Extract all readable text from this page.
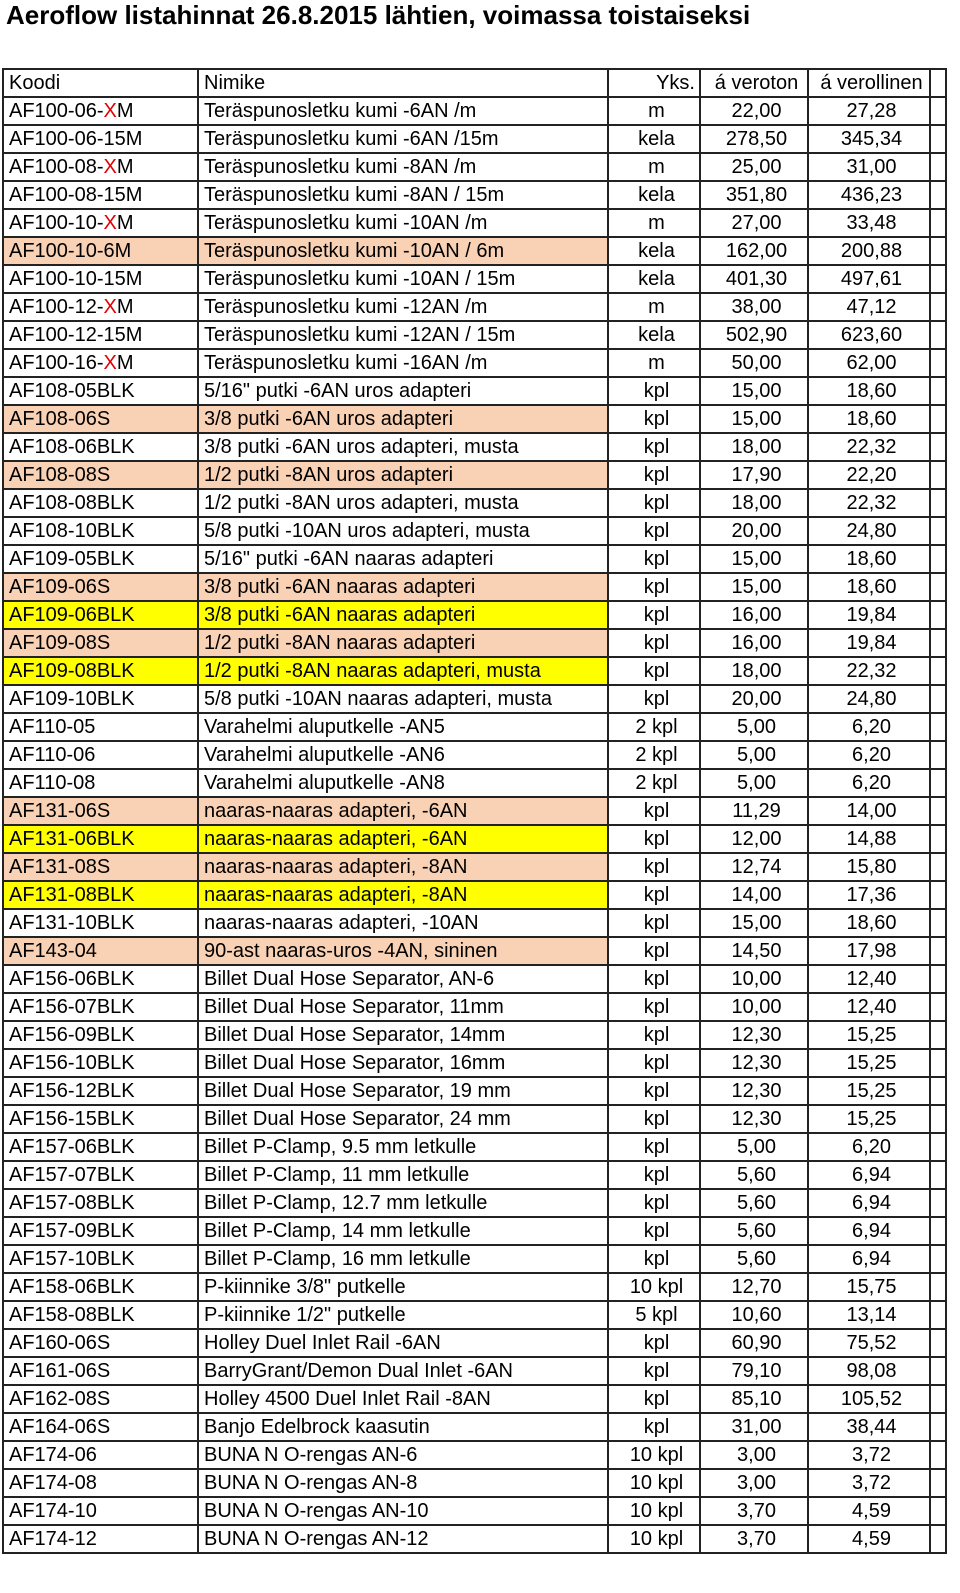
Aeroflow listahinnat 26.8.2015 lähtien, voimassa toistaiseksi
Koodi	Nimike	Yks.	á veroton	á verollinen	
AF100-06-XM	Teräspunosletku kumi -6AN /m	m	22,00	27,28	
AF100-06-15M	Teräspunosletku kumi -6AN /15m	kela	278,50	345,34	
AF100-08-XM	Teräspunosletku kumi -8AN /m	m	25,00	31,00	
AF100-08-15M	Teräspunosletku kumi -8AN / 15m	kela	351,80	436,23	
AF100-10-XM	Teräspunosletku kumi -10AN /m	m	27,00	33,48	
AF100-10-6M	Teräspunosletku kumi -10AN / 6m	kela	162,00	200,88	
AF100-10-15M	Teräspunosletku kumi -10AN / 15m	kela	401,30	497,61	
AF100-12-XM	Teräspunosletku kumi -12AN /m	m	38,00	47,12	
AF100-12-15M	Teräspunosletku kumi -12AN / 15m	kela	502,90	623,60	
AF100-16-XM	Teräspunosletku kumi -16AN /m	m	50,00	62,00	
AF108-05BLK	5/16" putki -6AN uros adapteri	kpl	15,00	18,60	
AF108-06S	3/8 putki -6AN uros adapteri	kpl	15,00	18,60	
AF108-06BLK	3/8 putki -6AN uros adapteri, musta	kpl	18,00	22,32	
AF108-08S	1/2 putki -8AN uros adapteri	kpl	17,90	22,20	
AF108-08BLK	1/2 putki -8AN uros adapteri, musta	kpl	18,00	22,32	
AF108-10BLK	5/8 putki -10AN uros adapteri, musta	kpl	20,00	24,80	
AF109-05BLK	5/16" putki -6AN naaras adapteri	kpl	15,00	18,60	
AF109-06S	3/8 putki -6AN naaras adapteri	kpl	15,00	18,60	
AF109-06BLK	3/8 putki -6AN naaras adapteri	kpl	16,00	19,84	
AF109-08S	1/2 putki -8AN naaras adapteri	kpl	16,00	19,84	
AF109-08BLK	1/2 putki -8AN naaras adapteri, musta	kpl	18,00	22,32	
AF109-10BLK	5/8 putki -10AN naaras adapteri, musta	kpl	20,00	24,80	
AF110-05	Varahelmi aluputkelle -AN5	2 kpl	5,00	6,20	
AF110-06	Varahelmi aluputkelle -AN6	2 kpl	5,00	6,20	
AF110-08	Varahelmi aluputkelle -AN8	2 kpl	5,00	6,20	
AF131-06S	naaras-naaras adapteri, -6AN	kpl	11,29	14,00	
AF131-06BLK	naaras-naaras adapteri, -6AN	kpl	12,00	14,88	
AF131-08S	naaras-naaras adapteri, -8AN	kpl	12,74	15,80	
AF131-08BLK	naaras-naaras adapteri, -8AN	kpl	14,00	17,36	
AF131-10BLK	naaras-naaras adapteri, -10AN	kpl	15,00	18,60	
AF143-04	90-ast naaras-uros -4AN, sininen	kpl	14,50	17,98	
AF156-06BLK	Billet Dual Hose Separator, AN-6	kpl	10,00	12,40	
AF156-07BLK	Billet Dual Hose Separator, 11mm	kpl	10,00	12,40	
AF156-09BLK	Billet Dual Hose Separator, 14mm	kpl	12,30	15,25	
AF156-10BLK	Billet Dual Hose Separator, 16mm	kpl	12,30	15,25	
AF156-12BLK	Billet Dual Hose Separator, 19 mm	kpl	12,30	15,25	
AF156-15BLK	Billet Dual Hose Separator, 24 mm	kpl	12,30	15,25	
AF157-06BLK	Billet P-Clamp, 9.5 mm letkulle	kpl	5,00	6,20	
AF157-07BLK	Billet P-Clamp, 11 mm letkulle	kpl	5,60	6,94	
AF157-08BLK	Billet P-Clamp, 12.7 mm letkulle	kpl	5,60	6,94	
AF157-09BLK	Billet P-Clamp, 14 mm letkulle	kpl	5,60	6,94	
AF157-10BLK	Billet P-Clamp, 16 mm letkulle	kpl	5,60	6,94	
AF158-06BLK	P-kiinnike 3/8" putkelle	10 kpl	12,70	15,75	
AF158-08BLK	P-kiinnike 1/2" putkelle	5 kpl	10,60	13,14	
AF160-06S	Holley Duel Inlet Rail -6AN	kpl	60,90	75,52	
AF161-06S	BarryGrant/Demon Dual Inlet -6AN	kpl	79,10	98,08	
AF162-08S	Holley 4500 Duel Inlet Rail -8AN	kpl	85,10	105,52	
AF164-06S	Banjo Edelbrock kaasutin	kpl	31,00	38,44	
AF174-06	BUNA N O-rengas AN-6	10 kpl	3,00	3,72	
AF174-08	BUNA N O-rengas AN-8	10 kpl	3,00	3,72	
AF174-10	BUNA N O-rengas AN-10	10 kpl	3,70	4,59	
AF174-12	BUNA N O-rengas AN-12	10 kpl	3,70	4,59	
